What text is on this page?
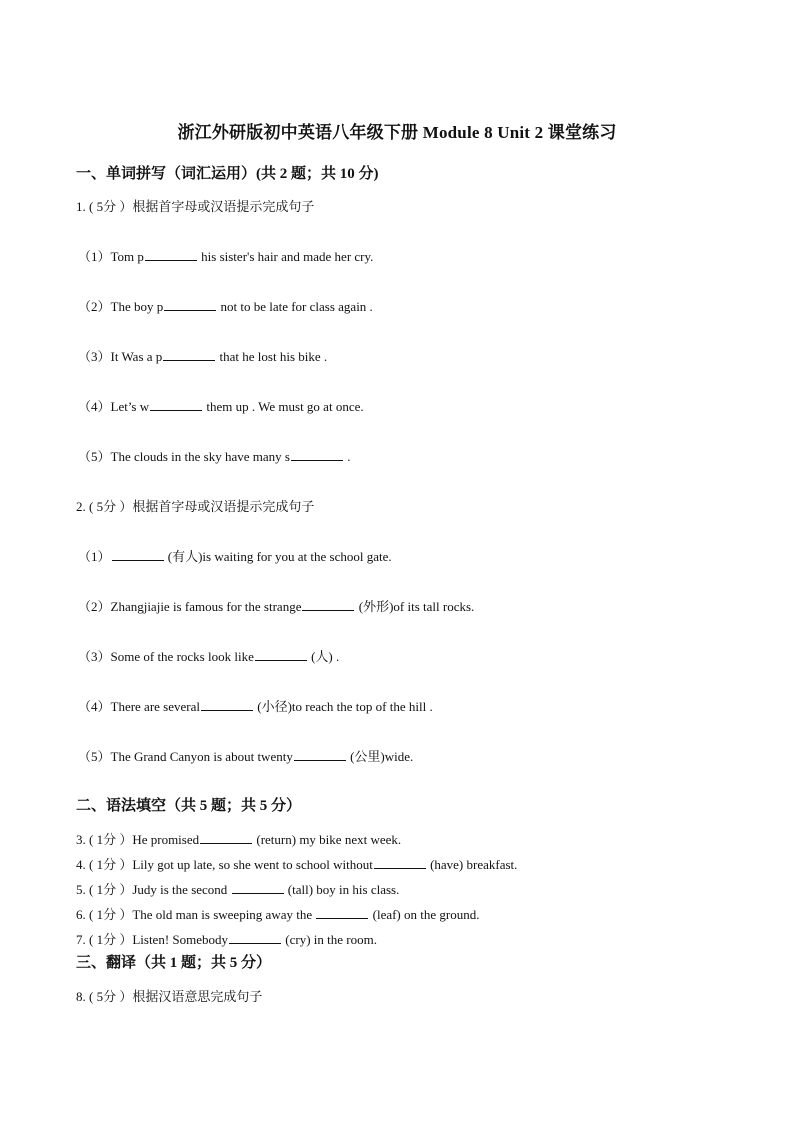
浙江外研版初中英语八年级下册 Module 8 Unit 2 课堂练习
一、单词拼写（词汇运用）(共 2 题；共 10 分)
1. ( 5分 ）根据首字母或汉语提示完成句子
（1）Tom p	his sister's hair and made her cry.
（2）The boy p	not to be late for class again .
（3）It Was a p	that he lost his bike .
（4）Let’s w	them up . We must go at once.
（5）The clouds in the sky have many s	.
2. ( 5分 ）根据首字母或汉语提示完成句子
（1）	(有人)is waiting for you at the school gate.
（2）Zhangjiajie is famous for the strange	(外形)of its tall rocks.
（3）Some of the rocks look like	(人) .
（4）There are several	(小径)to reach the top of the hill .
（5）The Grand Canyon is about twenty	(公里)wide.
二、语法填空（共 5 题；共 5 分）
3. ( 1分 ）He promised	(return) my bike next week.
4. ( 1分 ）Lily got up late, so she went to school without	(have) breakfast.
5. ( 1分 ）Judy is the second	(tall) boy in his class.
6. ( 1分 ）The old man is sweeping away the	(leaf) on the ground.
7. ( 1分 ）Listen! Somebody	(cry) in the room.
三、翻译（共 1 题；共 5 分）
8. ( 5分 ）根据汉语意思完成句子
